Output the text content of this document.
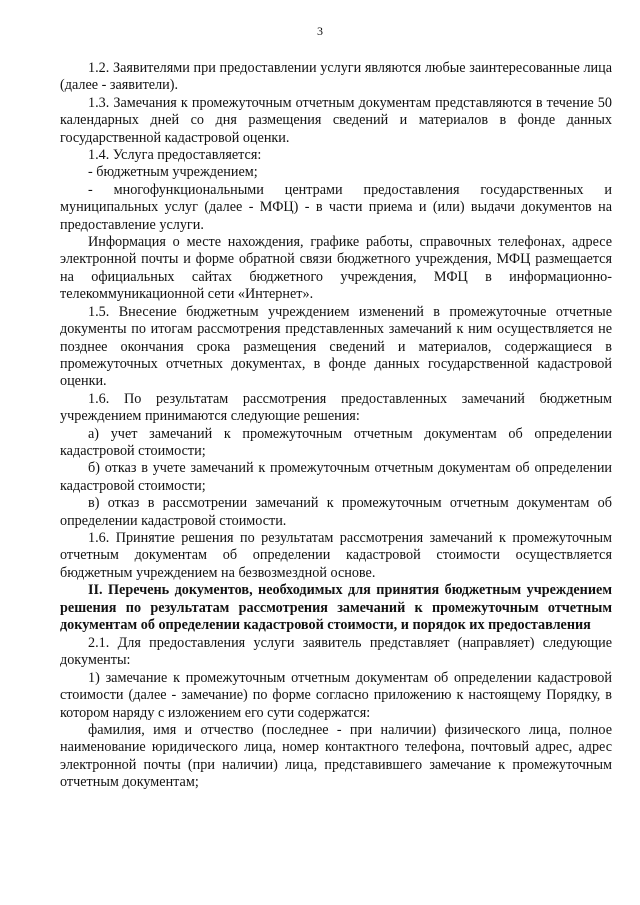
3

1.2. Заявителями при предоставлении услуги являются любые заинтересованные лица (далее - заявители).

1.3. Замечания к промежуточным отчетным документам представляются в течение 50 календарных дней со дня размещения сведений и материалов в фонде данных государственной кадастровой оценки.

1.4. Услуга предоставляется:

- бюджетным учреждением;

- многофункциональными центрами предоставления государственных и муниципальных услуг (далее - МФЦ) - в части приема и (или) выдачи документов на предоставление услуги.

Информация о месте нахождения, графике работы, справочных телефонах, адресе электронной почты и форме обратной связи бюджетного учреждения, МФЦ размещается на официальных сайтах бюджетного учреждения, МФЦ в информационно-телекоммуникационной сети «Интернет».

1.5. Внесение бюджетным учреждением изменений в промежуточные отчетные документы по итогам рассмотрения представленных замечаний к ним осуществляется не позднее окончания срока размещения сведений и материалов, содержащиеся в промежуточных отчетных документах, в фонде данных государственной кадастровой оценки.

1.6. По результатам рассмотрения предоставленных замечаний бюджетным учреждением принимаются следующие решения:

а) учет замечаний к промежуточным отчетным документам об определении кадастровой стоимости;

б) отказ в учете замечаний к промежуточным отчетным документам об определении кадастровой стоимости;

в) отказ в рассмотрении замечаний к промежуточным отчетным документам об определении кадастровой стоимости.

1.6. Принятие решения по результатам рассмотрения замечаний к промежуточным отчетным документам об определении кадастровой стоимости осуществляется бюджетным учреждением на безвозмездной основе.

II. Перечень документов, необходимых для принятия бюджетным учреждением решения по результатам рассмотрения замечаний к промежуточным отчетным документам об определении кадастровой стоимости, и порядок их предоставления

2.1. Для предоставления услуги заявитель представляет (направляет) следующие документы:

1) замечание к промежуточным отчетным документам об определении кадастровой стоимости (далее - замечание) по форме согласно приложению к настоящему Порядку, в котором наряду с изложением его сути содержатся:

фамилия, имя и отчество (последнее - при наличии) физического лица, полное наименование юридического лица, номер контактного телефона, почтовый адрес, адрес электронной почты (при наличии) лица, представившего замечание к промежуточным отчетным документам;
